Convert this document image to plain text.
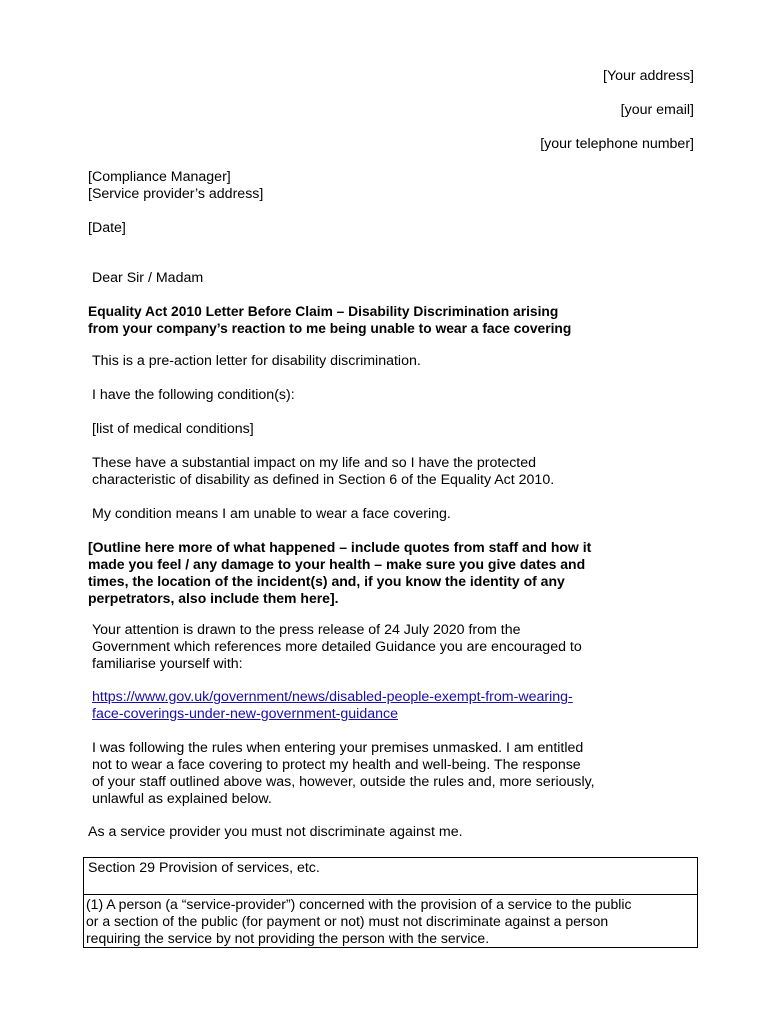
[Your address]
[your email]
[your telephone number]
[Compliance Manager]
[Service provider’s address]
[Date]
Dear Sir / Madam
Equality Act 2010 Letter Before Claim – Disability Discrimination arising
from your company’s reaction to me being unable to wear a face covering
This is a pre-action letter for disability discrimination.
I have the following condition(s):
[list of medical conditions]
These have a substantial impact on my life and so I have the protected
characteristic of disability as defined in Section 6 of the Equality Act 2010.
My condition means I am unable to wear a face covering.
[Outline here more of what happened – include quotes from staff and how it
made you feel / any damage to your health – make sure you give dates and
times, the location of the incident(s) and, if you know the identity of any
perpetrators, also include them here].
Your attention is drawn to the press release of 24 July 2020 from the
Government which references more detailed Guidance you are encouraged to
familiarise yourself with:
https://www.gov.uk/government/news/disabled-people-exempt-from-wearing-
face-coverings-under-new-government-guidance
I was following the rules when entering your premises unmasked. I am entitled
not to wear a face covering to protect my health and well-being. The response
of your staff outlined above was, however, outside the rules and, more seriously,
unlawful as explained below.
As a service provider you must not discriminate against me.
Section 29 Provision of services, etc.
(1) A person (a “service-provider”) concerned with the provision of a service to the public
or a section of the public (for payment or not) must not discriminate against a person
requiring the service by not providing the person with the service.
